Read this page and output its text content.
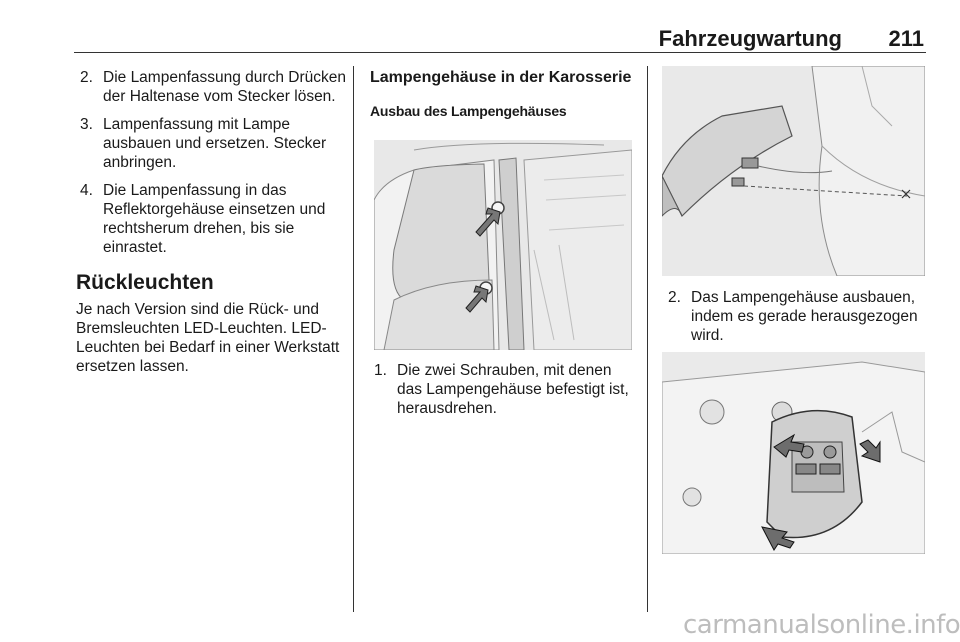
Fahrzeugwartung 211
2. Die Lampenfassung durch Drücken der Haltenase vom Stecker lösen.
3. Lampenfassung mit Lampe ausbauen und ersetzen. Stecker anbringen.
4. Die Lampenfassung in das Reflektorgehäuse einsetzen und rechtsherum drehen, bis sie einrastet.
Rückleuchten

Je nach Version sind die Rück- und Bremsleuchten LED-Leuchten. LED-Leuchten bei Bedarf in einer Werkstatt ersetzen lassen.

Lampengehäuse in der Karosserie
Ausbau des Lampengehäuses
1. Die zwei Schrauben, mit denen das Lampengehäuse befestigt ist, herausdrehen.
2. Das Lampengehäuse ausbauen, indem es gerade herausgezogen wird.
carmanualsonline.info
